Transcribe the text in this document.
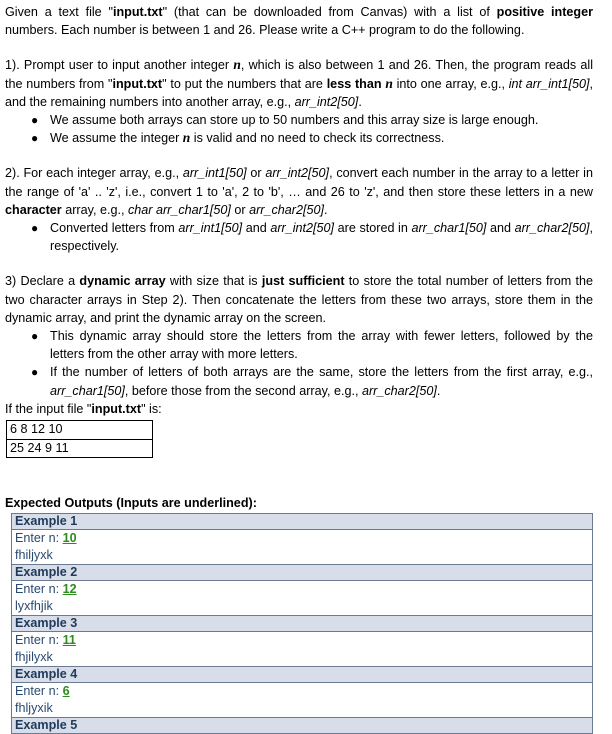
Given a text file "input.txt" (that can be downloaded from Canvas) with a list of positive integer numbers. Each number is between 1 and 26. Please write a C++ program to do the following.

1). Prompt user to input another integer n, which is also between 1 and 26. Then, the program reads all the numbers from "input.txt" to put the numbers that are less than n into one array, e.g., int arr_int1[50], and the remaining numbers into another array, e.g., arr_int2[50].

● We assume both arrays can store up to 50 numbers and this array size is large enough.
● We assume the integer n is valid and no need to check its correctness.

2). For each integer array, e.g., arr_int1[50] or arr_int2[50], convert each number in the array to a letter in the range of 'a' .. 'z', i.e., convert 1 to 'a', 2 to 'b', … and 26 to 'z', and then store these letters in a new character array, e.g., char arr_char1[50] or arr_char2[50].

● Converted letters from arr_int1[50] and arr_int2[50] are stored in arr_char1[50] and arr_char2[50], respectively.

3) Declare a dynamic array with size that is just sufficient to store the total number of letters from the two character arrays in Step 2). Then concatenate the letters from these two arrays, store them in the dynamic array, and print the dynamic array on the screen.

● This dynamic array should store the letters from the array with fewer letters, followed by the letters from the other array with more letters.
● If the number of letters of both arrays are the same, store the letters from the first array, e.g., arr_char1[50], before those from the second array, e.g., arr_char2[50].

If the input file "input.txt" is:

6 8 12 10
25 24 9 11
Expected Outputs (Inputs are underlined):
Example 1

Enter n: 10
fhiljyxk

Example 2

Enter n: 12
lyxfhjik

Example 3

Enter n: 11
fhjilyxk

Example 4

Enter n: 6
fhljyxik

Example 5
